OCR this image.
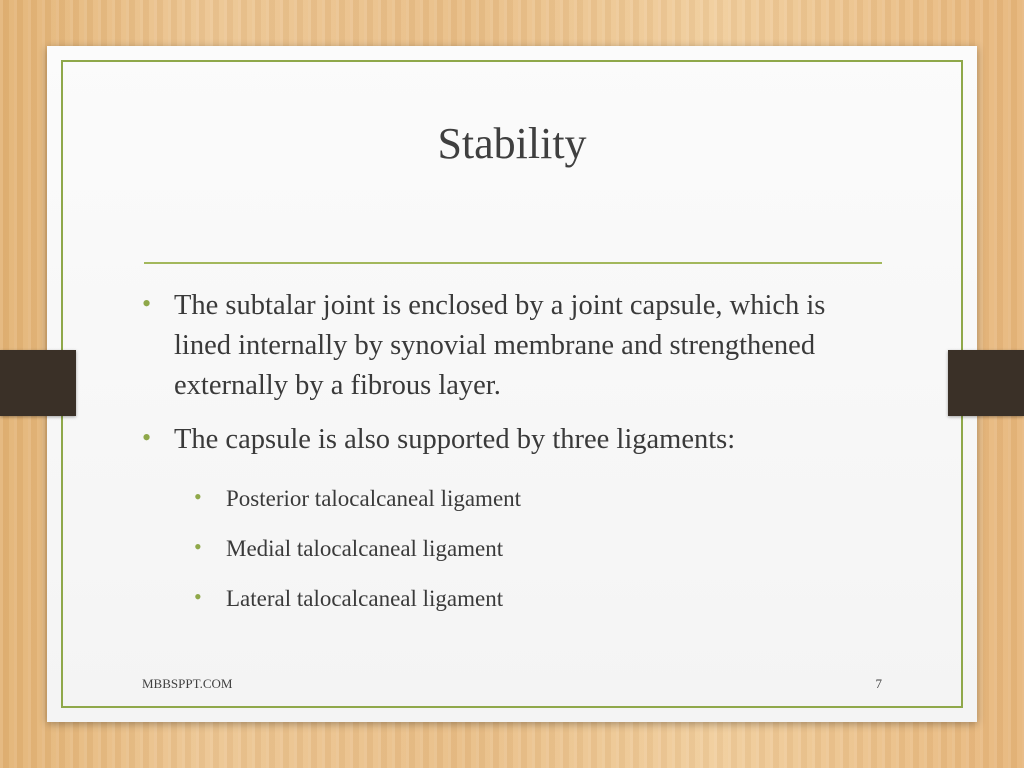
Stability
• The subtalar joint is enclosed by a joint capsule, which is lined internally by synovial membrane and strengthened externally by a fibrous layer.
• The capsule is also supported by three ligaments:
• Posterior talocalcaneal ligament
• Medial talocalcaneal ligament
• Lateral talocalcaneal ligament
MBBSPPT.COM	7
